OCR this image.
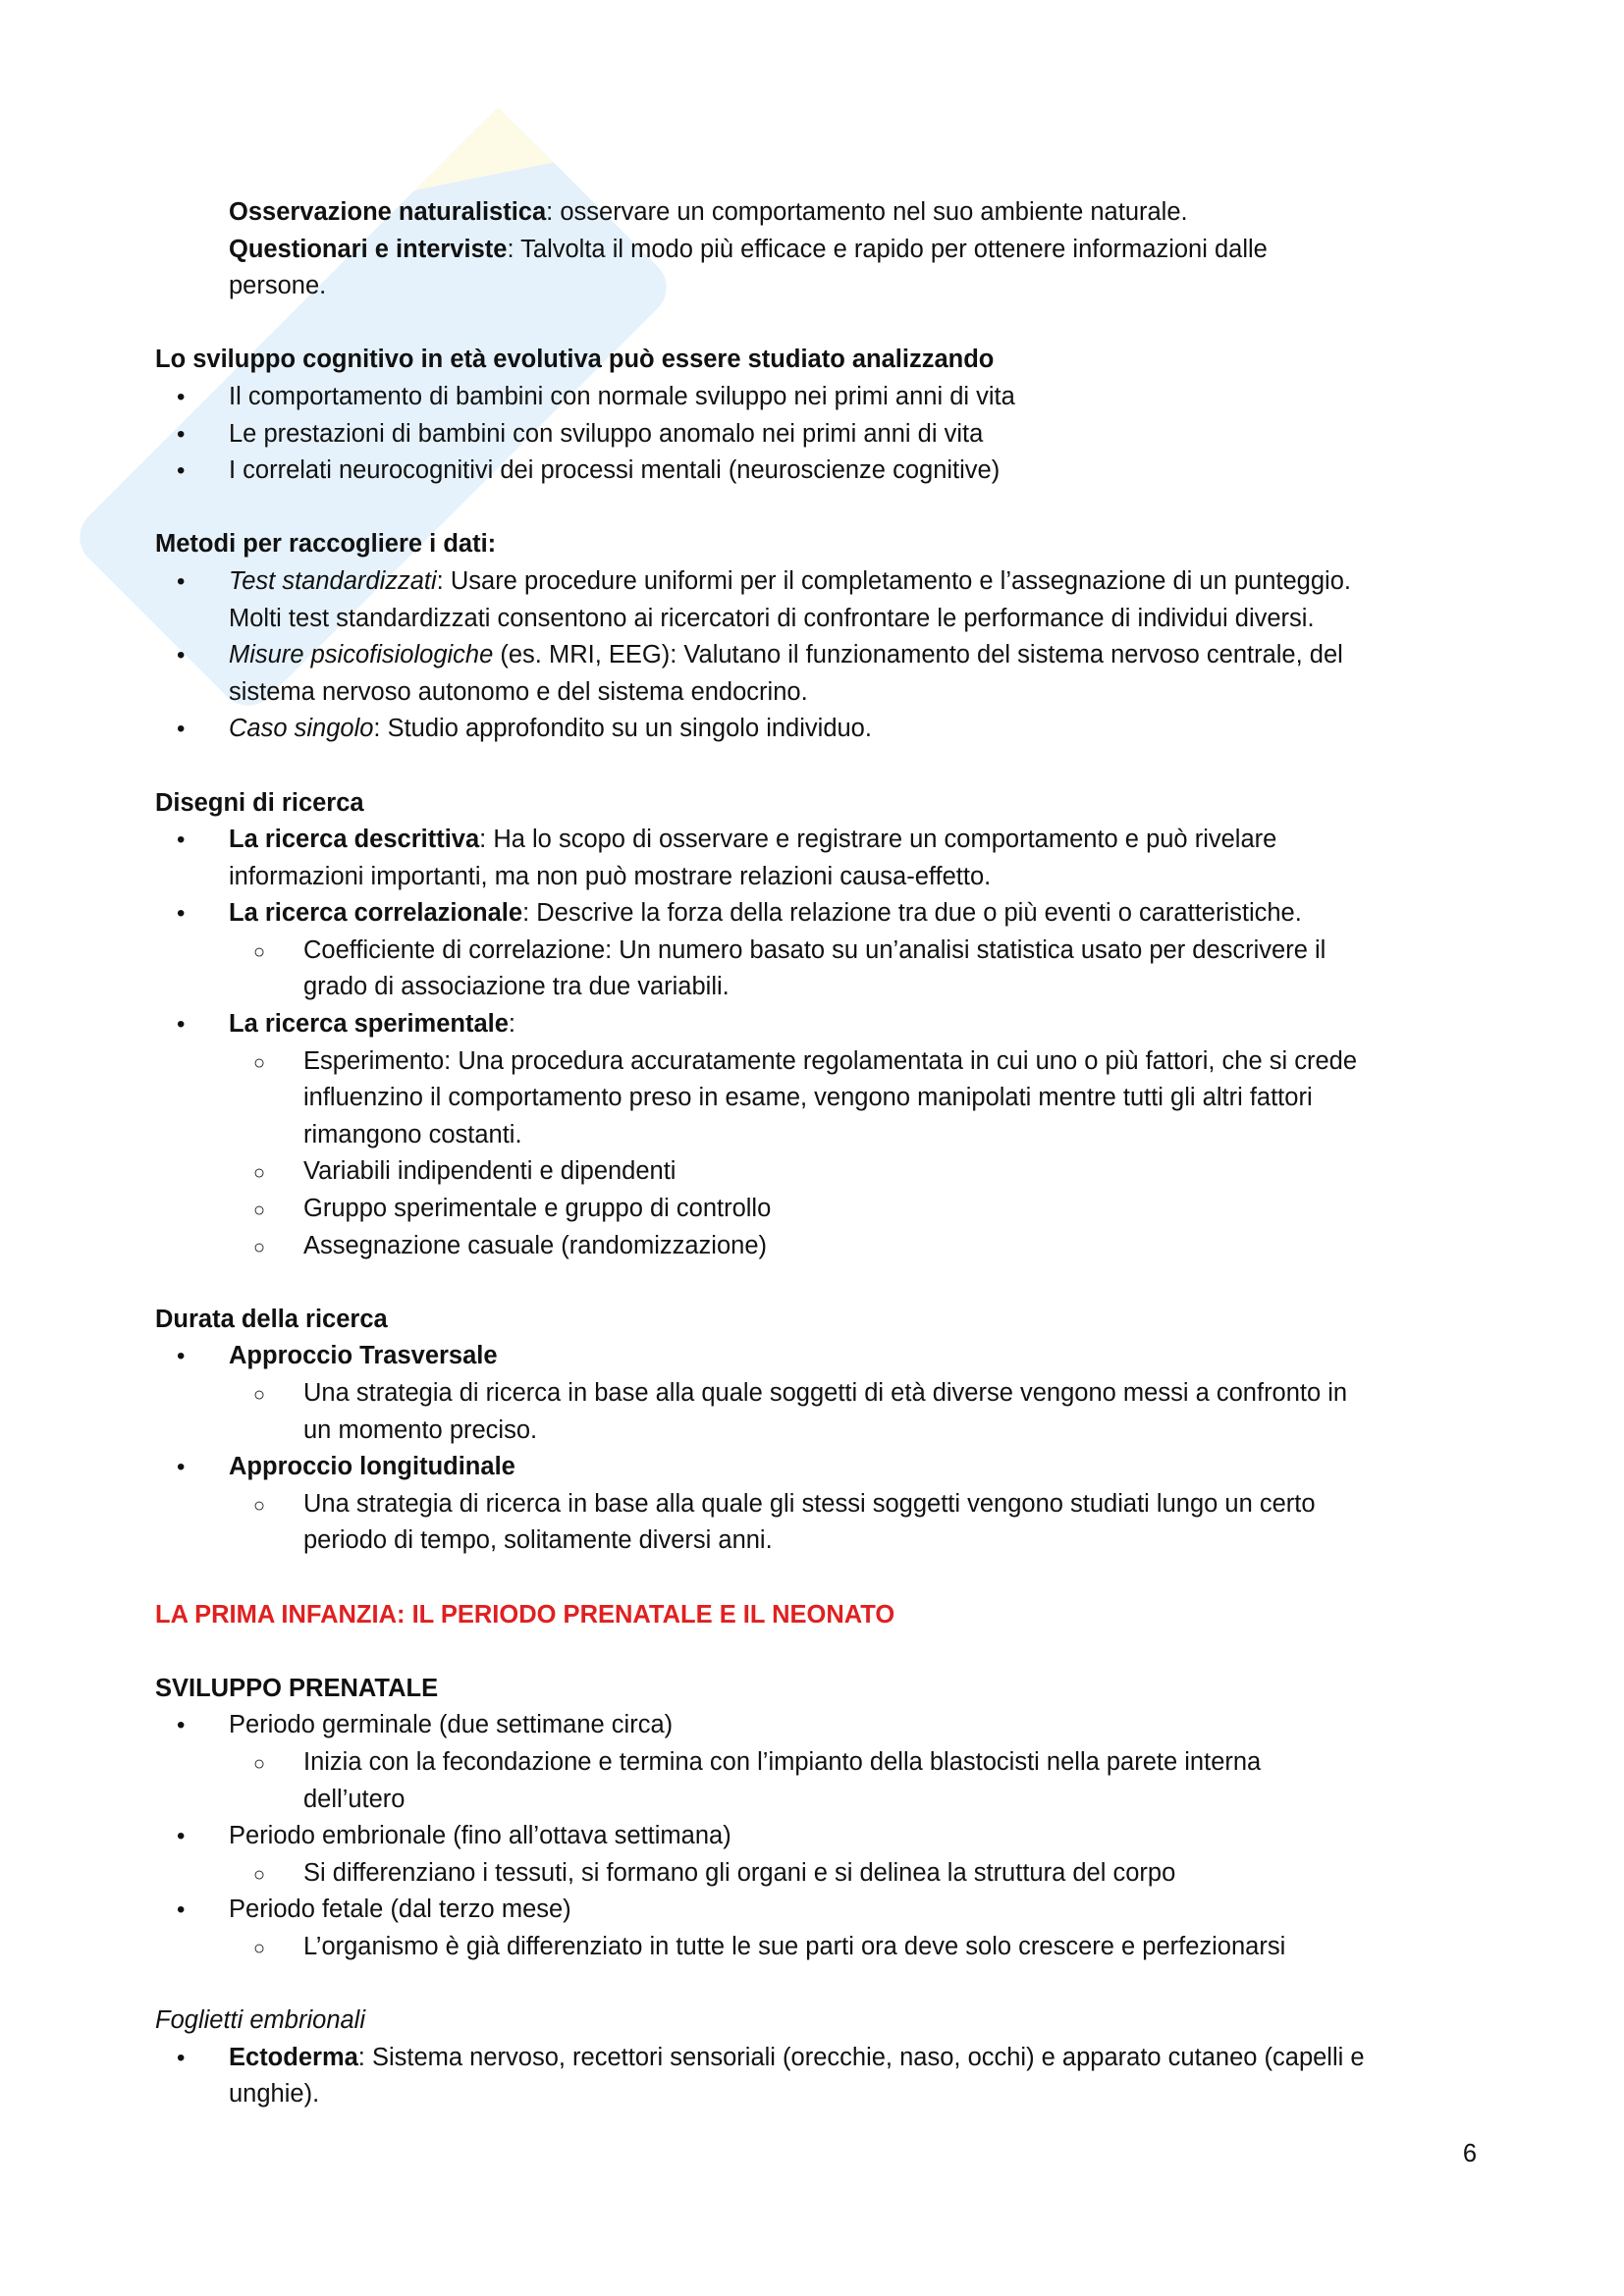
Osservazione naturalistica: osservare un comportamento nel suo ambiente naturale.
Questionari e interviste: Talvolta il modo più efficace e rapido per ottenere informazioni dalle
persone.
Lo sviluppo cognitivo in età evolutiva può essere studiato analizzando
•
Il comportamento di bambini con normale sviluppo nei primi anni di vita
•
Le prestazioni di bambini con sviluppo anomalo nei primi anni di vita
•
I correlati neurocognitivi dei processi mentali (neuroscienze cognitive)
Metodi per raccogliere i dati:
•
Test standardizzati: Usare procedure uniformi per il completamento e l’assegnazione di un punteggio.
Molti test standardizzati consentono ai ricercatori di confrontare le performance di individui diversi.
•
Misure psicofisiologiche (es. MRI, EEG): Valutano il funzionamento del sistema nervoso centrale, del
sistema nervoso autonomo e del sistema endocrino.
•
Caso singolo: Studio approfondito su un singolo individuo.
Disegni di ricerca
•
La ricerca descrittiva: Ha lo scopo di osservare e registrare un comportamento e può rivelare
informazioni importanti, ma non può mostrare relazioni causa-effetto.
•
La ricerca correlazionale: Descrive la forza della relazione tra due o più eventi o caratteristiche.
○
Coefficiente di correlazione: Un numero basato su un’analisi statistica usato per descrivere il
grado di associazione tra due variabili.
•
La ricerca sperimentale:
○
Esperimento: Una procedura accuratamente regolamentata in cui uno o più fattori, che si crede
influenzino il comportamento preso in esame, vengono manipolati mentre tutti gli altri fattori
rimangono costanti.
○
Variabili indipendenti e dipendenti
○
Gruppo sperimentale e gruppo di controllo
○
Assegnazione casuale (randomizzazione)
Durata della ricerca
•
Approccio Trasversale
○
Una strategia di ricerca in base alla quale soggetti di età diverse vengono messi a confronto in
un momento preciso.
•
Approccio longitudinale
○
Una strategia di ricerca in base alla quale gli stessi soggetti vengono studiati lungo un certo
periodo di tempo, solitamente diversi anni.
LA PRIMA INFANZIA: IL PERIODO PRENATALE E IL NEONATO
SVILUPPO PRENATALE
•
Periodo germinale (due settimane circa)
○
Inizia con la fecondazione e termina con l’impianto della blastocisti nella parete interna
dell’utero
•
Periodo embrionale (fino all’ottava settimana)
○
Si differenziano i tessuti, si formano gli organi e si delinea la struttura del corpo
•
Periodo fetale (dal terzo mese)
○
L’organismo è già differenziato in tutte le sue parti ora deve solo crescere e perfezionarsi
Foglietti embrionali
•
Ectoderma: Sistema nervoso, recettori sensoriali (orecchie, naso, occhi) e apparato cutaneo (capelli e
unghie).
6
